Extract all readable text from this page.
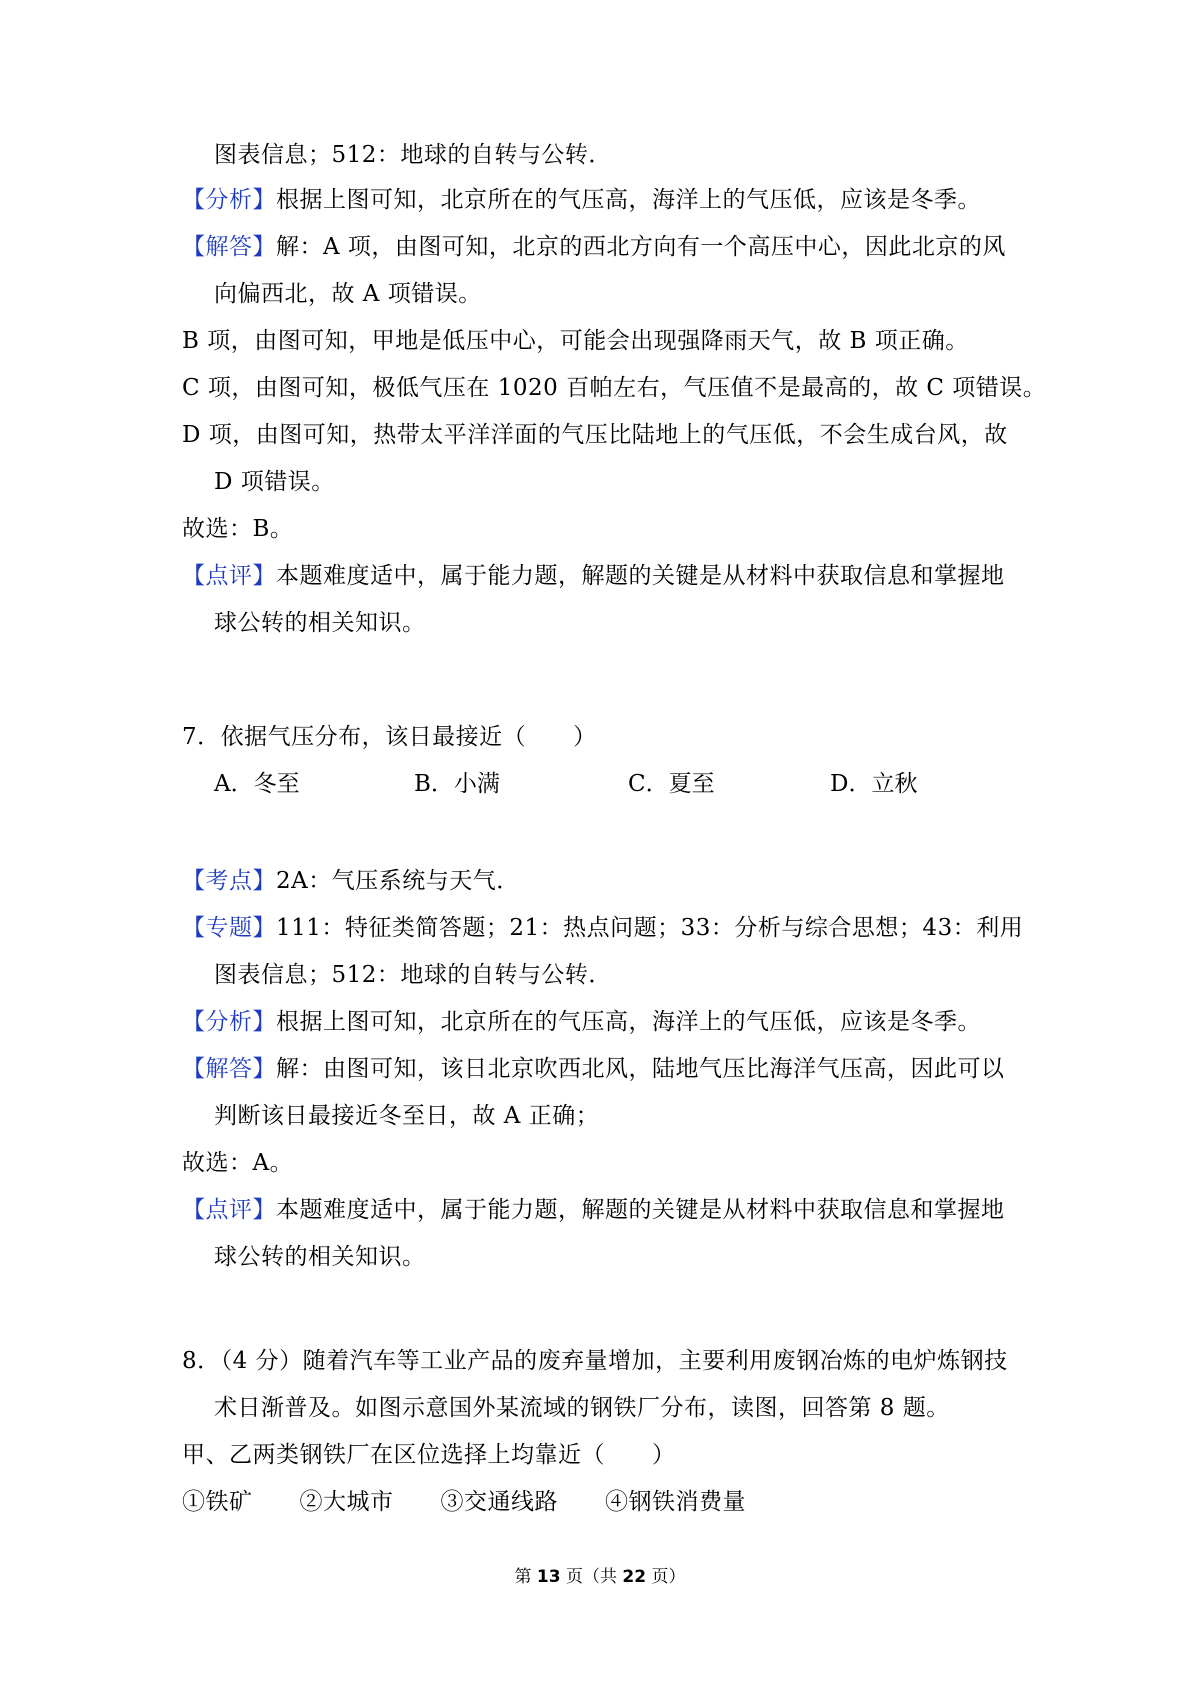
图表信息；512：地球的自转与公转．
【分析】根据上图可知，北京所在的气压高，海洋上的气压低，应该是冬季。
【解答】解：A 项，由图可知，北京的西北方向有一个高压中心，因此北京的风
向偏西北，故 A 项错误。
B 项，由图可知，甲地是低压中心，可能会出现强降雨天气，故 B 项正确。
C 项，由图可知，极低气压在 1020 百帕左右，气压值不是最高的，故 C 项错误。
D 项，由图可知，热带太平洋洋面的气压比陆地上的气压低，不会生成台风，故
D 项错误。
故选：B。
【点评】本题难度适中，属于能力题，解题的关键是从材料中获取信息和掌握地
球公转的相关知识。
7．依据气压分布，该日最接近（　　）
A．冬至	B．小满	C．夏至	D．立秋
【考点】2A：气压系统与天气．
【专题】111：特征类简答题；21：热点问题；33：分析与综合思想；43：利用
图表信息；512：地球的自转与公转．
【分析】根据上图可知，北京所在的气压高，海洋上的气压低，应该是冬季。
【解答】解：由图可知，该日北京吹西北风，陆地气压比海洋气压高，因此可以
判断该日最接近冬至日，故 A 正确；
故选：A。
【点评】本题难度适中，属于能力题，解题的关键是从材料中获取信息和掌握地
球公转的相关知识。
8．（4 分）随着汽车等工业产品的废弃量增加，主要利用废钢冶炼的电炉炼钢技
术日渐普及。如图示意国外某流域的钢铁厂分布，读图，回答第 8 题。
甲、乙两类钢铁厂在区位选择上均靠近（　　）
①铁矿　　②大城市　　③交通线路　　④钢铁消费量
第 13 页（共 22 页）
